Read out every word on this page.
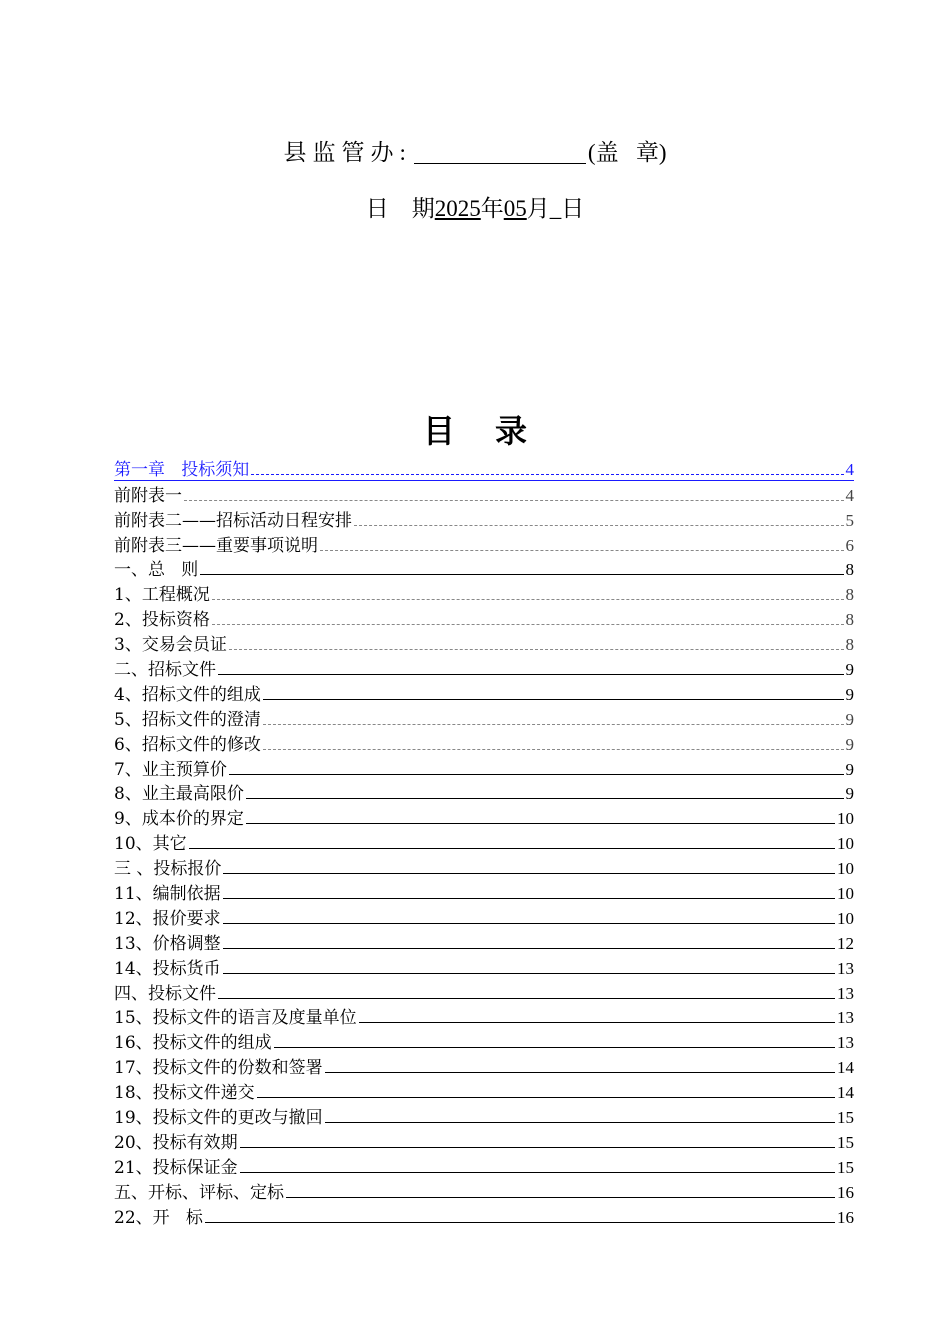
县监管办:	(盖   章)
日    期2025年05月_日
目录
第一章   投标须知	4
前附表一	4
前附表二——招标活动日程安排	5
前附表三——重要事项说明	6
一、总   则	8
1、工程概况	8
2、投标资格	8
3、交易会员证	8
二、招标文件	9
4、招标文件的组成	9
5、招标文件的澄清	9
6、招标文件的修改	9
7、业主预算价	9
8、业主最高限价	9
9、成本价的界定	10
10、其它	10
三 、投标报价	10
11、编制依据	10
12、报价要求	10
13、价格调整	12
14、投标货币	13
四、投标文件	13
15、投标文件的语言及度量单位	13
16、投标文件的组成	13
17、投标文件的份数和签署	14
18、投标文件递交	14
19、投标文件的更改与撤回	15
20、投标有效期	15
21、投标保证金	15
五、开标、评标、定标	16
22、开   标	16
